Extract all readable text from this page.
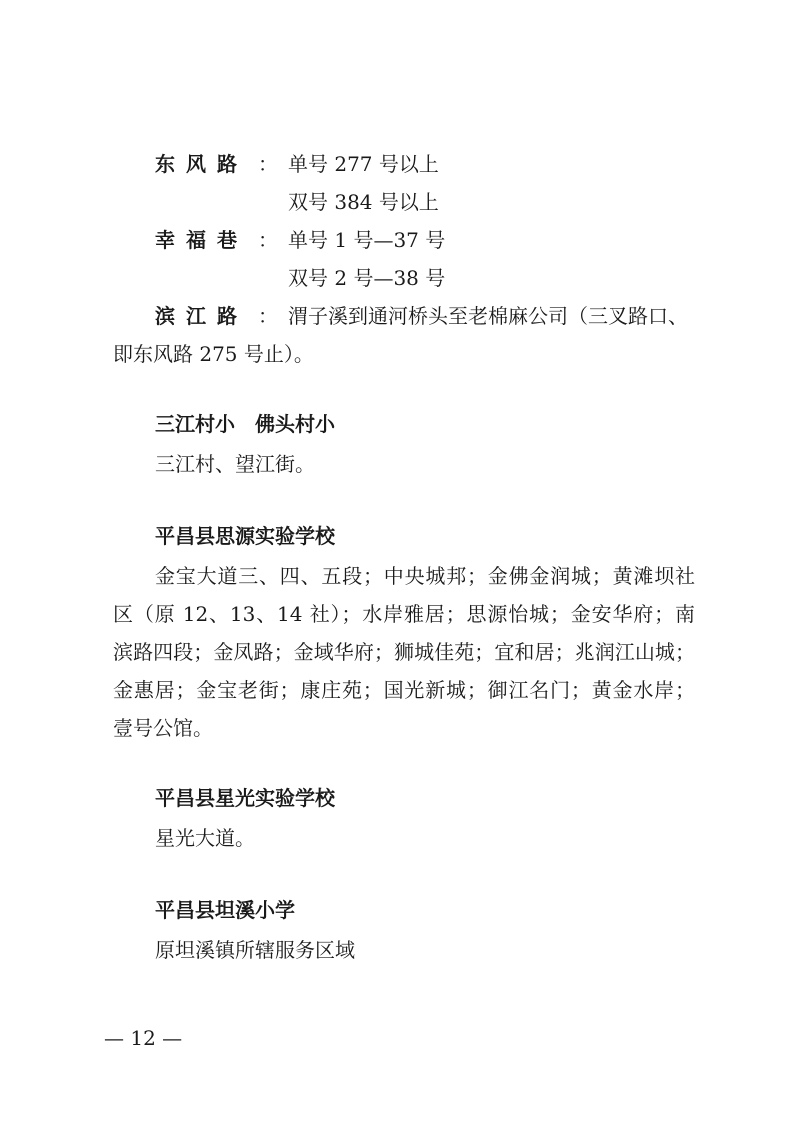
东风路 ： 单号 277 号以上
双号 384 号以上
幸福巷 ： 单号 1 号—37 号
双号 2 号—38 号
滨江路 ： 渭子溪到通河桥头至老棉麻公司（三叉路口、
即东风路 275 号止）。
三江村小　佛头村小
三江村、望江街。
平昌县思源实验学校
金宝大道三、四、五段；中央城邦；金佛金润城；黄滩坝社
区（原 12、13、14 社）；水岸雅居；思源怡城；金安华府；南
滨路四段；金凤路；金域华府；狮城佳苑；宜和居；兆润江山城；
金惠居；金宝老街；康庄苑；国光新城；御江名门；黄金水岸；
壹号公馆。
平昌县星光实验学校
星光大道。
平昌县坦溪小学
原坦溪镇所辖服务区域
— 12 —
